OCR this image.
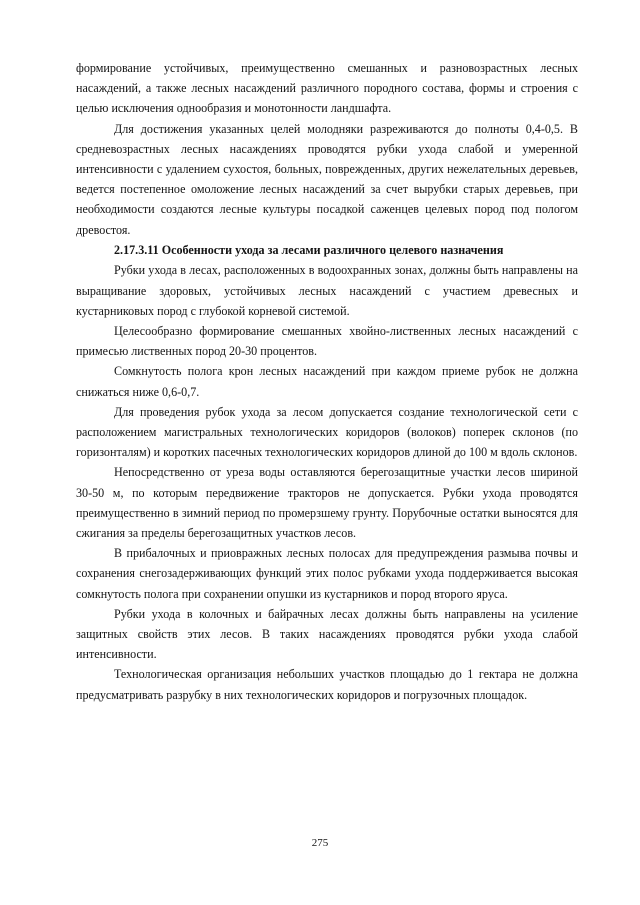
формирование устойчивых, преимущественно смешанных и разновозрастных лесных насаждений, а также лесных насаждений различного породного состава, формы и строения с целью исключения однообразия и монотонности ландшафта.

Для достижения указанных целей молодняки разреживаются до полноты 0,4-0,5. В средневозрастных лесных насаждениях проводятся рубки ухода слабой и умеренной интенсивности с удалением сухостоя, больных, поврежденных, других нежелательных деревьев, ведется постепенное омоложение лесных насаждений за счет вырубки старых деревьев, при необходимости создаются лесные культуры посадкой саженцев целевых пород под пологом древостоя.

2.17.3.11 Особенности ухода за лесами различного целевого назначения

Рубки ухода в лесах, расположенных в водоохранных зонах, должны быть направлены на выращивание здоровых, устойчивых лесных насаждений с участием древесных и кустарниковых пород с глубокой корневой системой.

Целесообразно формирование смешанных хвойно-лиственных лесных насаждений с примесью лиственных пород 20-30 процентов.

Сомкнутость полога крон лесных насаждений при каждом приеме рубок не должна снижаться ниже 0,6-0,7.

Для проведения рубок ухода за лесом допускается создание технологической сети с расположением магистральных технологических коридоров (волоков) поперек склонов (по горизонталям) и коротких пасечных технологических коридоров длиной до 100 м вдоль склонов.

Непосредственно от уреза воды оставляются берегозащитные участки лесов шириной 30-50 м, по которым передвижение тракторов не допускается. Рубки ухода проводятся преимущественно в зимний период по промерзшему грунту. Порубочные остатки выносятся для сжигания за пределы берегозащитных участков лесов.

В прибалочных и приовражных лесных полосах для предупреждения размыва почвы и сохранения снегозадерживающих функций этих полос рубками ухода поддерживается высокая сомкнутость полога при сохранении опушки из кустарников и пород второго яруса.

Рубки ухода в колочных и байрачных лесах должны быть направлены на усиление защитных свойств этих лесов. В таких насаждениях проводятся рубки ухода слабой интенсивности.

Технологическая организация небольших участков площадью до 1 гектара не должна предусматривать разрубку в них технологических коридоров и погрузочных площадок.

275
